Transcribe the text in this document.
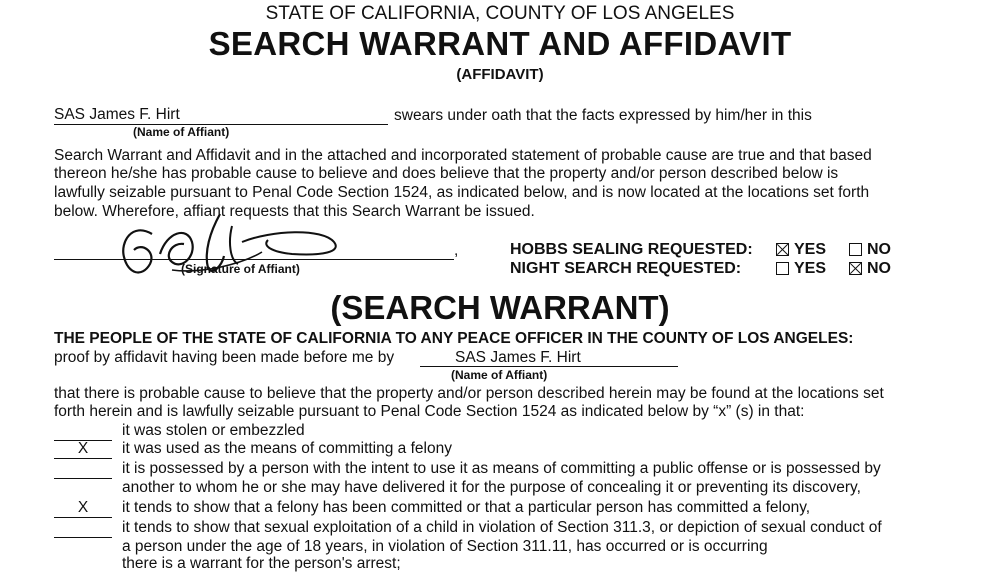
STATE OF CALIFORNIA, COUNTY OF LOS ANGELES
SEARCH WARRANT AND AFFIDAVIT
(AFFIDAVIT)
SAS James F. Hirt
(Name of Affiant)
swears under oath that the facts expressed by him/her in this
Search Warrant and Affidavit and in the attached and incorporated statement of probable cause are true and that based
thereon he/she has probable cause to believe and does believe that the property and/or person described below is
lawfully seizable pursuant to Penal Code Section 1524, as indicated below, and is now located at the locations set forth
below. Wherefore, affiant requests that this Search Warrant be issued.
,
(Signature of Affiant)
HOBBS SEALING REQUESTED:	YES	NO
NIGHT SEARCH REQUESTED:	YES	NO
(SEARCH WARRANT)
THE PEOPLE OF THE STATE OF CALIFORNIA TO ANY PEACE OFFICER IN THE COUNTY OF LOS ANGELES:
proof by affidavit having been made before me by	SAS James F. Hirt
(Name of Affiant)
that there is probable cause to believe that the property and/or person described herein may be found at the locations set
forth herein and is lawfully seizable pursuant to Penal Code Section 1524 as indicated below by “x” (s) in that:
it was stolen or embezzled
X	it was used as the means of committing a felony
it is possessed by a person with the intent to use it as means of committing a public offense or is possessed by
another to whom he or she may have delivered it for the purpose of concealing it or preventing its discovery,
X	it tends to show that a felony has been committed or that a particular person has committed a felony,
it tends to show that sexual exploitation of a child in violation of Section 311.3, or depiction of sexual conduct of
a person under the age of 18 years, in violation of Section 311.11, has occurred or is occurring
there is a warrant for the person's arrest;
